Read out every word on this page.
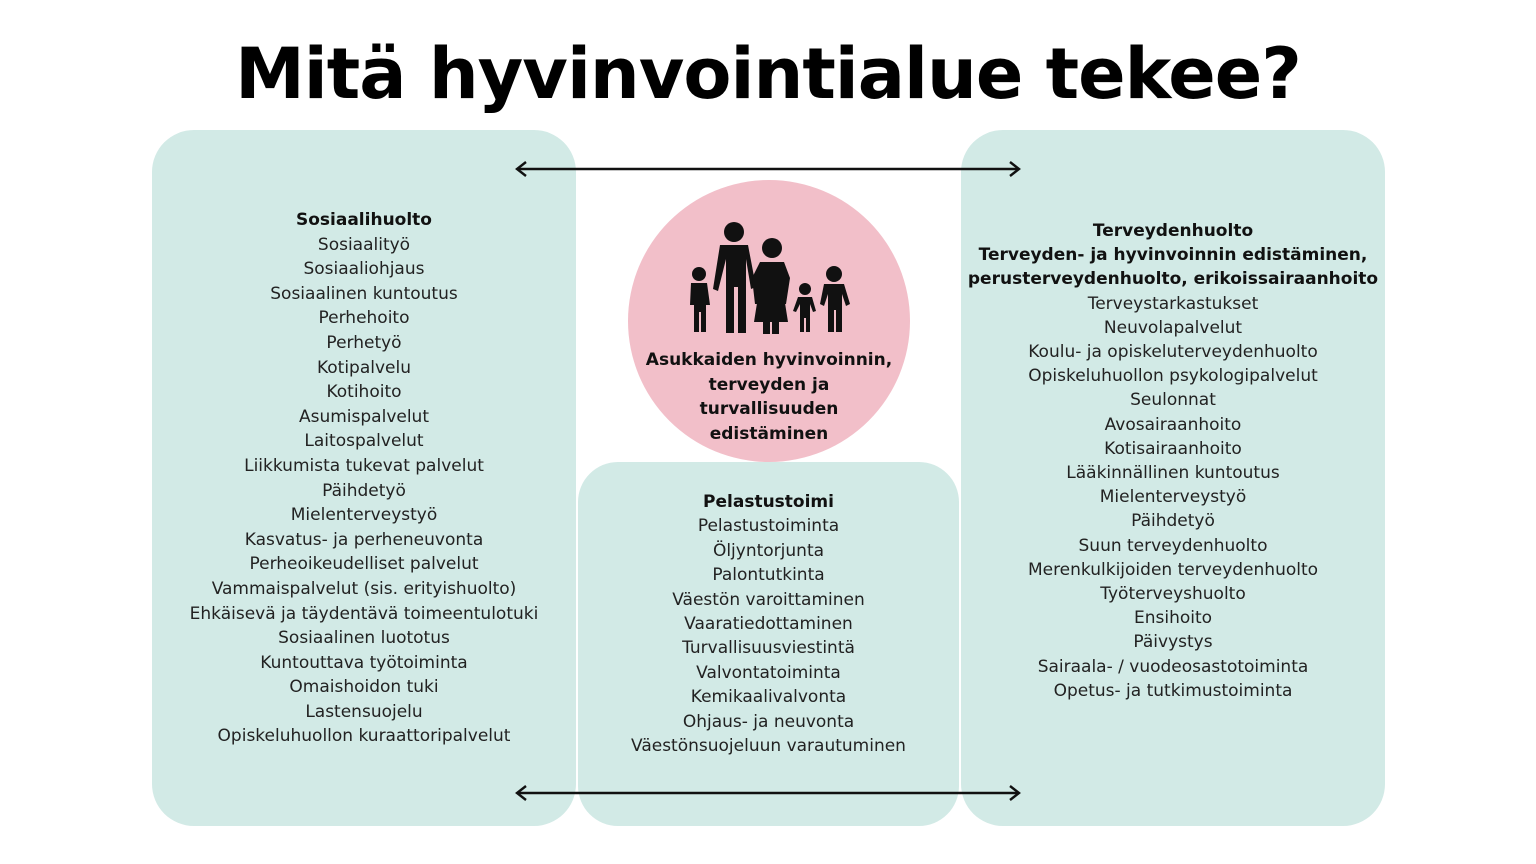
Mitä hyvinvointialue tekee?
Asukkaiden hyvinvoinnin,
terveyden ja
turvallisuuden
edistäminen
Sosiaalihuolto
Sosiaalityö
Sosiaaliohjaus
Sosiaalinen kuntoutus
Perhehoito
Perhetyö
Kotipalvelu
Kotihoito
Asumispalvelut
Laitospalvelut
Liikkumista tukevat palvelut
Päihdetyö
Mielenterveystyö
Kasvatus- ja perheneuvonta
Perheoikeudelliset palvelut
Vammaispalvelut (sis. erityishuolto)
Ehkäisevä ja täydentävä toimeentulotuki
Sosiaalinen luototus
Kuntouttava työtoiminta
Omaishoidon tuki
Lastensuojelu
Opiskeluhuollon kuraattoripalvelut
Pelastustoimi
Pelastustoiminta
Öljyntorjunta
Palontutkinta
Väestön varoittaminen
Vaaratiedottaminen
Turvallisuusviestintä
Valvontatoiminta
Kemikaalivalvonta
Ohjaus- ja neuvonta
Väestönsuojeluun varautuminen
Terveydenhuolto
Terveyden- ja hyvinvoinnin edistäminen,
perusterveydenhuolto, erikoissairaanhoito
Terveystarkastukset
Neuvolapalvelut
Koulu- ja opiskeluterveydenhuolto
Opiskeluhuollon psykologipalvelut
Seulonnat
Avosairaanhoito
Kotisairaanhoito
Lääkinnällinen kuntoutus
Mielenterveystyö
Päihdetyö
Suun terveydenhuolto
Merenkulkijoiden terveydenhuolto
Työterveyshuolto
Ensihoito
Päivystys
Sairaala- / vuodeosastotoiminta
Opetus- ja tutkimustoiminta
